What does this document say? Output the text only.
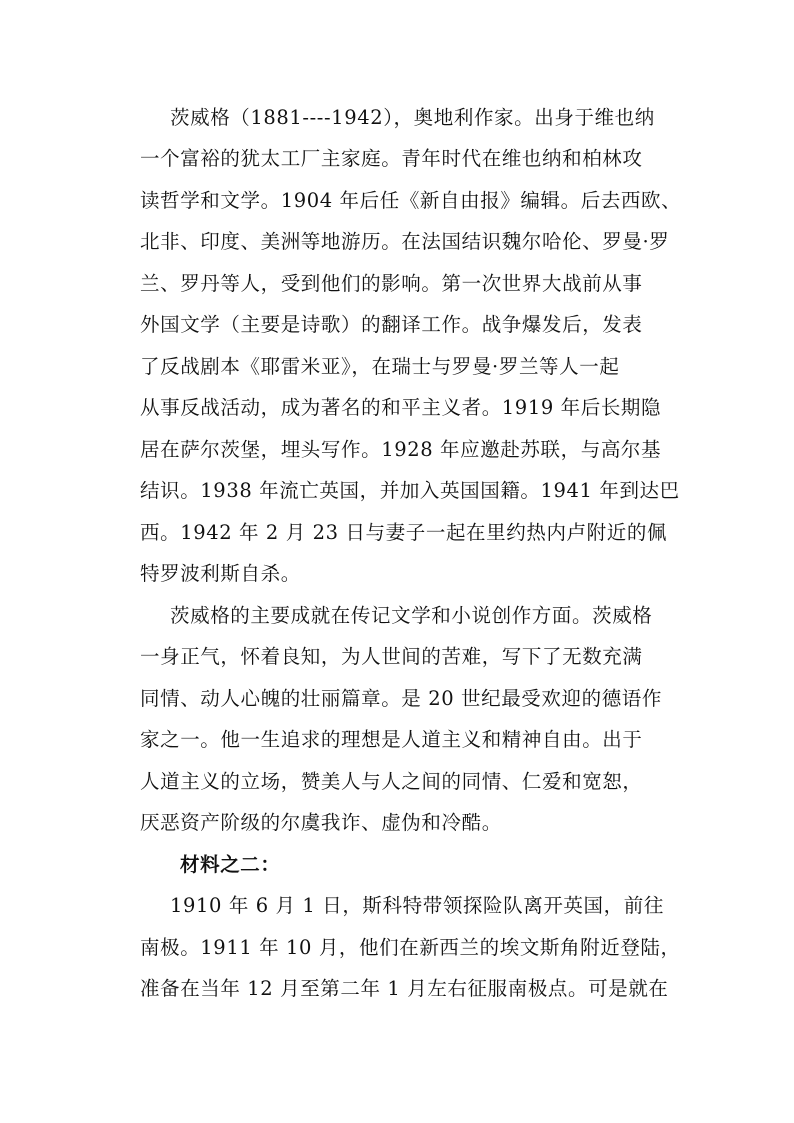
茨威格（1881----1942），奥地利作家。出身于维也纳
一个富裕的犹太工厂主家庭。青年时代在维也纳和柏林攻
读哲学和文学。1904 年后任《新自由报》编辑。后去西欧、
北非、印度、美洲等地游历。在法国结识魏尔哈伦、罗曼·罗
兰、罗丹等人，受到他们的影响。第一次世界大战前从事
外国文学（主要是诗歌）的翻译工作。战争爆发后，发表
了反战剧本《耶雷米亚》，在瑞士与罗曼·罗兰等人一起
从事反战活动，成为著名的和平主义者。1919 年后长期隐
居在萨尔茨堡，埋头写作。1928 年应邀赴苏联，与高尔基
结识。1938 年流亡英国，并加入英国国籍。1941 年到达巴
西。1942 年 2 月 23 日与妻子一起在里约热内卢附近的佩
特罗波利斯自杀。
茨威格的主要成就在传记文学和小说创作方面。茨威格
一身正气，怀着良知，为人世间的苦难，写下了无数充满
同情、动人心魄的壮丽篇章。是 20 世纪最受欢迎的德语作
家之一。他一生追求的理想是人道主义和精神自由。出于
人道主义的立场，赞美人与人之间的同情、仁爱和宽恕，
厌恶资产阶级的尔虞我诈、虚伪和冷酷。
材料之二：
1910 年 6 月 1 日，斯科特带领探险队离开英国，前往
南极。1911 年 10 月，他们在新西兰的埃文斯角附近登陆，
准备在当年 12 月至第二年 1 月左右征服南极点。可是就在
